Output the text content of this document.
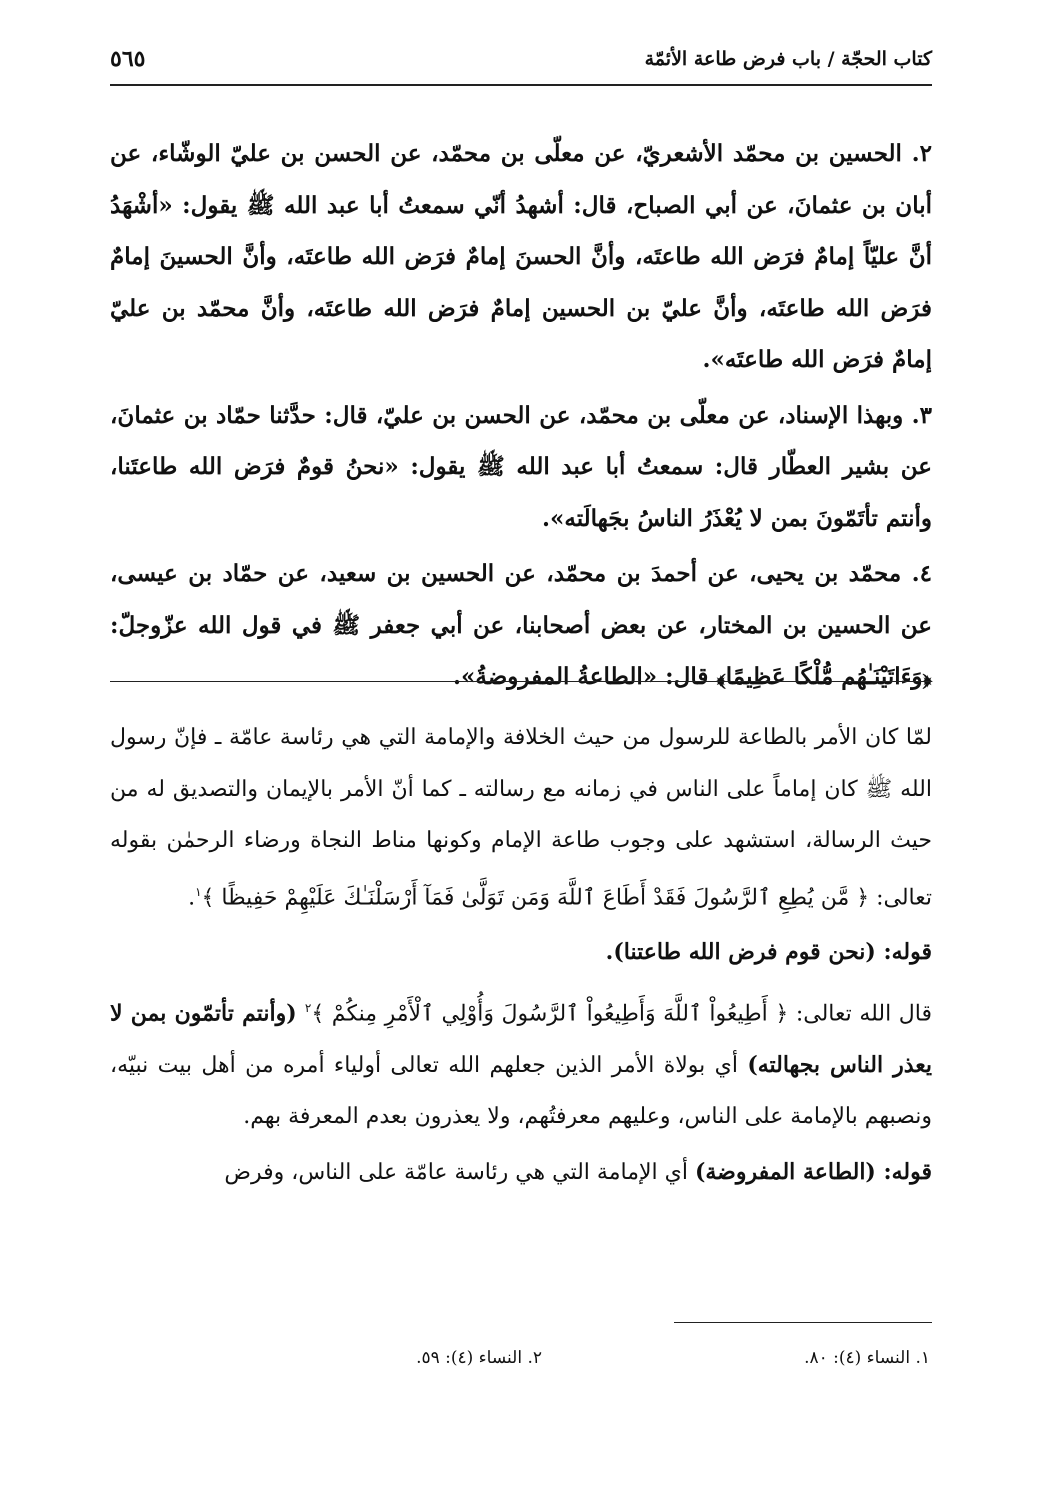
كتاب الحجّة / باب فرض طاعة الأئمّة
٥٦٥

٢. الحسين بن محمّد الأشعريّ، عن معلّى بن محمّد، عن الحسن بن عليّ الوشّاء، عن أبان بن عثمانَ، عن أبي الصباح، قال: أشهدُ أنّي سمعتُ أبا عبد الله ﷺ يقول: «أشْهَدُ أنَّ عليّاً إمامٌ فرَض الله طاعتَه، وأنَّ الحسنَ إمامٌ فرَض الله طاعتَه، وأنَّ الحسينَ إمامٌ فرَض الله طاعتَه، وأنَّ عليّ بن الحسين إمامٌ فرَض الله طاعتَه، وأنَّ محمّد بن عليّ إمامٌ فرَض الله طاعتَه».

٣. وبهذا الإسناد، عن معلّى بن محمّد، عن الحسن بن عليّ، قال: حدَّثنا حمّاد بن عثمانَ، عن بشير العطّار قال: سمعتُ أبا عبد الله ﷺ يقول: «نحنُ قومٌ فرَض الله طاعتَنا، وأنتم تأتَمّونَ بمن لا يُعْذَرُ الناسُ بجَهالَته».

٤. محمّد بن يحيى، عن أحمدَ بن محمّد، عن الحسين بن سعيد، عن حمّاد بن عيسى، عن الحسين بن المختار، عن بعض أصحابنا، عن أبي جعفر ﷺ في قول الله عزّوجلّ: ﴿وَءَاتَيْنَـٰهُم مُّلْكًا عَظِيمًا﴾ قال: «الطاعةُ المفروضةُ».

لمّا كان الأمر بالطاعة للرسول من حيث الخلافة والإمامة التي هي رئاسة عامّة ـ فإنّ رسول الله ﷺ كان إماماً على الناس في زمانه مع رسالته ـ كما أنّ الأمر بالإيمان والتصديق له من حيث الرسالة، استشهد على وجوب طاعة الإمام وكونها مناط النجاة ورضاء الرحمٰن بقوله تعالى: ﴿ مَّن يُطِعِ ٱلرَّسُولَ فَقَدْ أَطَاعَ ٱللَّهَ وَمَن تَوَلَّىٰ فَمَآ أَرْسَلْنَـٰكَ عَلَيْهِمْ حَفِيظًا ﴾$^١$.

قوله: (نحن قوم فرض الله طاعتنا).

قال الله تعالى: ﴿ أَطِيعُواْ ٱللَّهَ وَأَطِيعُواْ ٱلرَّسُولَ وَأُوْلِي ٱلْأَمْرِ مِنكُمْ ﴾$^٢$ (وأنتم تأتمّون بمن لا يعذر الناس بجهالته) أي بولاة الأمر الذين جعلهم الله تعالى أولياء أمره من أهل بيت نبيّه، ونصبهم بالإمامة على الناس، وعليهم معرفتُهم، ولا يعذرون بعدم المعرفة بهم.

قوله: (الطاعة المفروضة) أي الإمامة التي هي رئاسة عامّة على الناس، وفرض

١. النساء (٤): ٨٠.
٢. النساء (٤): ٥٩.
